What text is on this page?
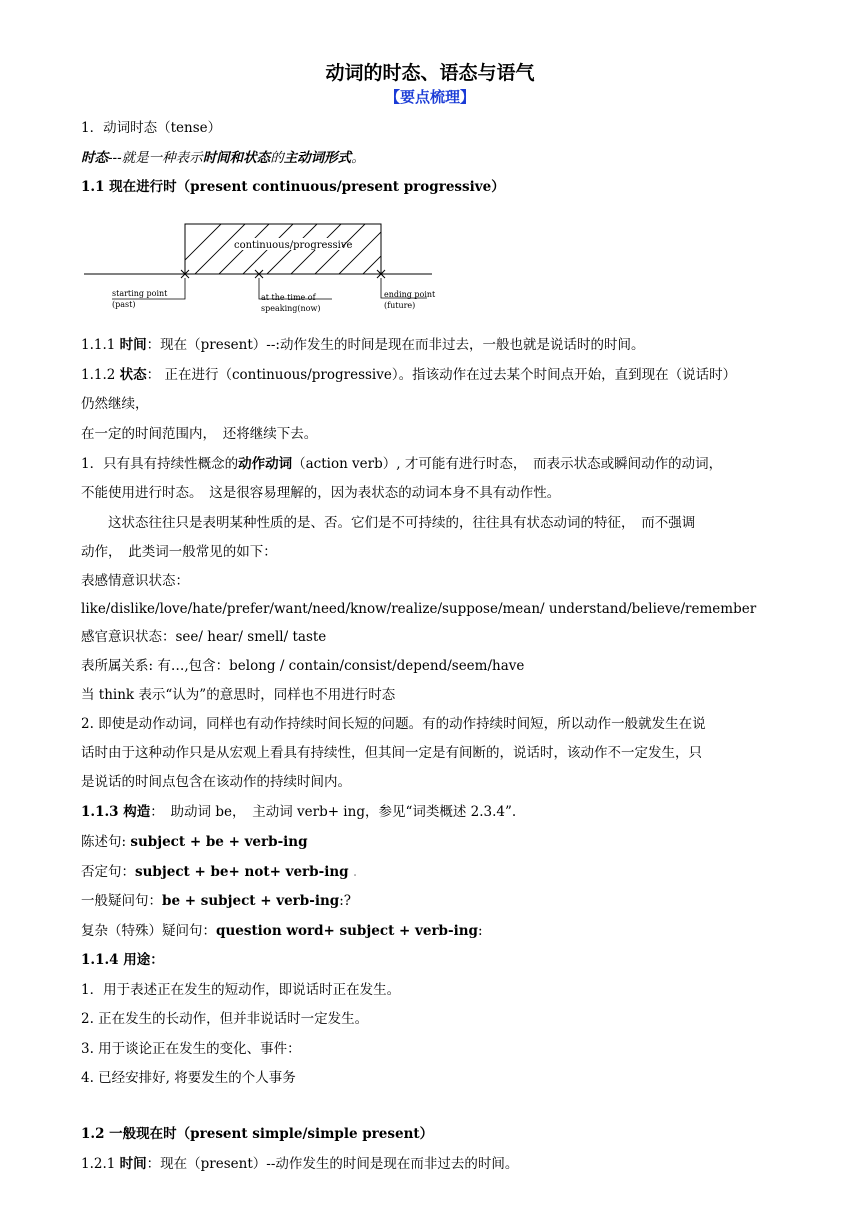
动词的时态、语态与语气
【要点梳理】
1．动词时态（tense）
时态---就是一种表示时间和状态的主动词形式。
1.1 现在进行时（present continuous/present progressive）
continuous/progressive
starting point
(past)
at the time of
speaking(now)
ending point
(future)
1.1.1 时间：现在（present）--:动作发生的时间是现在而非过去，一般也就是说话时的时间。
1.1.2 状态： 正在进行（continuous/progressive）。指该动作在过去某个时间点开始，直到现在（说话时）
仍然继续，
在一定的时间范围内，　还将继续下去。
1．只有具有持续性概念的动作动词（action verb）, 才可能有进行时态，　而表示状态或瞬间动作的动词，
不能使用进行时态。　这是很容易理解的，因为表状态的动词本身不具有动作性。
　　这状态往往只是表明某种性质的是、否。它们是不可持续的，往往具有状态动词的特征，　而不强调
动作，　此类词一般常见的如下：
表感情意识状态：
like/dislike/love/hate/prefer/want/need/know/realize/suppose/mean/ understand/believe/remember
感官意识状态：see/ hear/ smell/ taste
表所属关系: 有…,包含：belong / contain/consist/depend/seem/have
当 think 表示“认为”的意思时，同样也不用进行时态
2. 即使是动作动词，同样也有动作持续时间长短的问题。有的动作持续时间短，所以动作一般就发生在说
话时由于这种动作只是从宏观上看具有持续性，但其间一定是有间断的，说话时，该动作不一定发生，只
是说话的时间点包含在该动作的持续时间内。
1.1.3 构造：　助动词 be，　主动词 verb+ ing，参见“词类概述 2.3.4”.
陈述句: subject + be + verb-ing
否定句：subject + be+ not+ verb-ing .
一般疑问句：be + subject + verb-ing:?
复杂（特殊）疑问句：question word+ subject + verb-ing:
1.1.4 用途：
1．用于表述正在发生的短动作，即说话时正在发生。
2. 正在发生的长动作，但并非说话时一定发生。
3. 用于谈论正在发生的变化、事件：
4. 已经安排好, 将要发生的个人事务
1.2 一般现在时（present simple/simple present）
1.2.1 时间：现在（present）--动作发生的时间是现在而非过去的时间。
